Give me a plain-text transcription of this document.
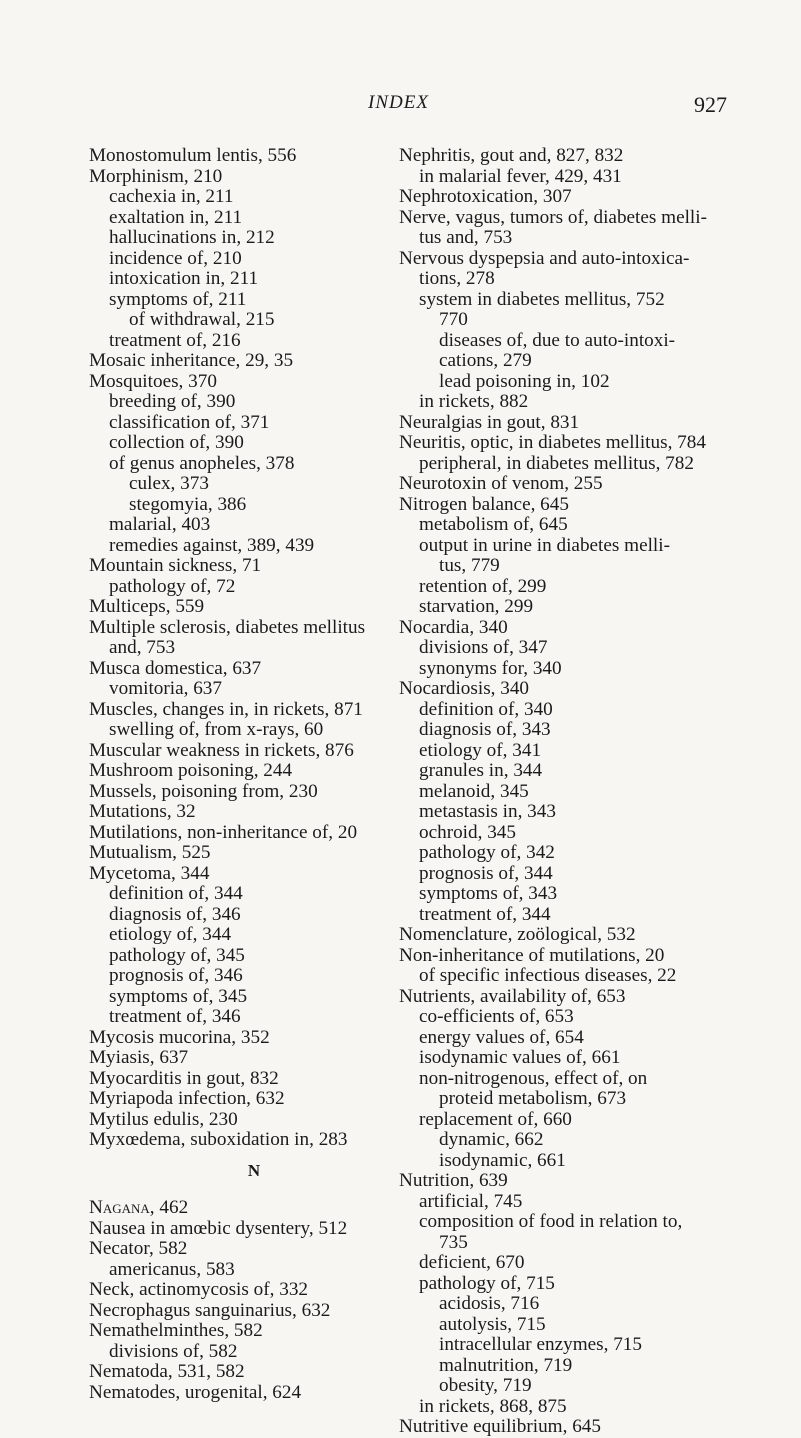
INDEX	927
Monostomulum lentis, 556
Morphinism, 210
cachexia in, 211
exaltation in, 211
hallucinations in, 212
incidence of, 210
intoxication in, 211
symptoms of, 211
of withdrawal, 215
treatment of, 216
Mosaic inheritance, 29, 35
Mosquitoes, 370
breeding of, 390
classification of, 371
collection of, 390
of genus anopheles, 378
culex, 373
stegomyia, 386
malarial, 403
remedies against, 389, 439
Mountain sickness, 71
pathology of, 72
Multiceps, 559
Multiple sclerosis, diabetes mellitus
and, 753
Musca domestica, 637
vomitoria, 637
Muscles, changes in, in rickets, 871
swelling of, from x-rays, 60
Muscular weakness in rickets, 876
Mushroom poisoning, 244
Mussels, poisoning from, 230
Mutations, 32
Mutilations, non-inheritance of, 20
Mutualism, 525
Mycetoma, 344
definition of, 344
diagnosis of, 346
etiology of, 344
pathology of, 345
prognosis of, 346
symptoms of, 345
treatment of, 346
Mycosis mucorina, 352
Myiasis, 637
Myocarditis in gout, 832
Myriapoda infection, 632
Mytilus edulis, 230
Myxœdema, suboxidation in, 283
N
Nagana, 462
Nausea in amœbic dysentery, 512
Necator, 582
americanus, 583
Neck, actinomycosis of, 332
Necrophagus sanguinarius, 632
Nemathelminthes, 582
divisions of, 582
Nematoda, 531, 582
Nematodes, urogenital, 624
Nephritis, gout and, 827, 832
in malarial fever, 429, 431
Nephrotoxication, 307
Nerve, vagus, tumors of, diabetes melli-
tus and, 753
Nervous dyspepsia and auto-intoxica-
tions, 278
system in diabetes mellitus, 752
770
diseases of, due to auto-intoxi-
cations, 279
lead poisoning in, 102
in rickets, 882
Neuralgias in gout, 831
Neuritis, optic, in diabetes mellitus, 784
peripheral, in diabetes mellitus, 782
Neurotoxin of venom, 255
Nitrogen balance, 645
metabolism of, 645
output in urine in diabetes melli-
tus, 779
retention of, 299
starvation, 299
Nocardia, 340
divisions of, 347
synonyms for, 340
Nocardiosis, 340
definition of, 340
diagnosis of, 343
etiology of, 341
granules in, 344
melanoid, 345
metastasis in, 343
ochroid, 345
pathology of, 342
prognosis of, 344
symptoms of, 343
treatment of, 344
Nomenclature, zoölogical, 532
Non-inheritance of mutilations, 20
of specific infectious diseases, 22
Nutrients, availability of, 653
co-efficients of, 653
energy values of, 654
isodynamic values of, 661
non-nitrogenous, effect of, on
proteid metabolism, 673
replacement of, 660
dynamic, 662
isodynamic, 661
Nutrition, 639
artificial, 745
composition of food in relation to,
735
deficient, 670
pathology of, 715
acidosis, 716
autolysis, 715
intracellular enzymes, 715
malnutrition, 719
obesity, 719
in rickets, 868, 875
Nutritive equilibrium, 645
